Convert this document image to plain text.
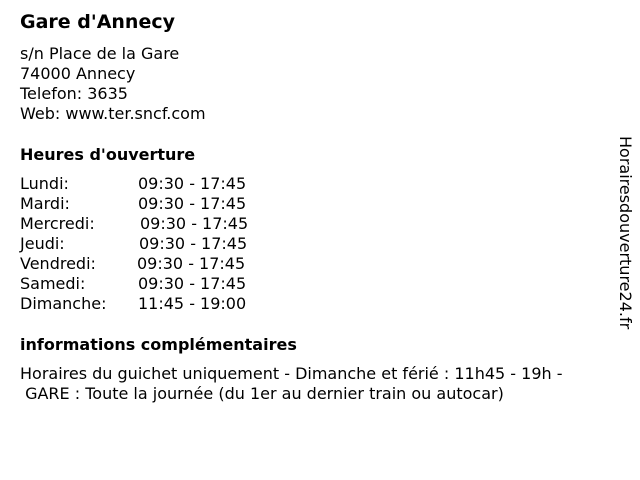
Gare d'Annecy
s/n Place de la Gare
74000 Annecy
Telefon: 3635
Web: www.ter.sncf.com
Heures d'ouverture
Lundi:	09:30 - 17:45
Mardi:	09:30 - 17:45
Mercredi:	09:30 - 17:45
Jeudi:	09:30 - 17:45
Vendredi:	09:30 - 17:45
Samedi:	09:30 - 17:45
Dimanche: 11:45 - 19:00
informations complémentaires
Horaires du guichet uniquement - Dimanche et férié : 11h45 - 19h -
GARE : Toute la journée (du 1er au dernier train ou autocar)
Horairesdouverture24.fr
